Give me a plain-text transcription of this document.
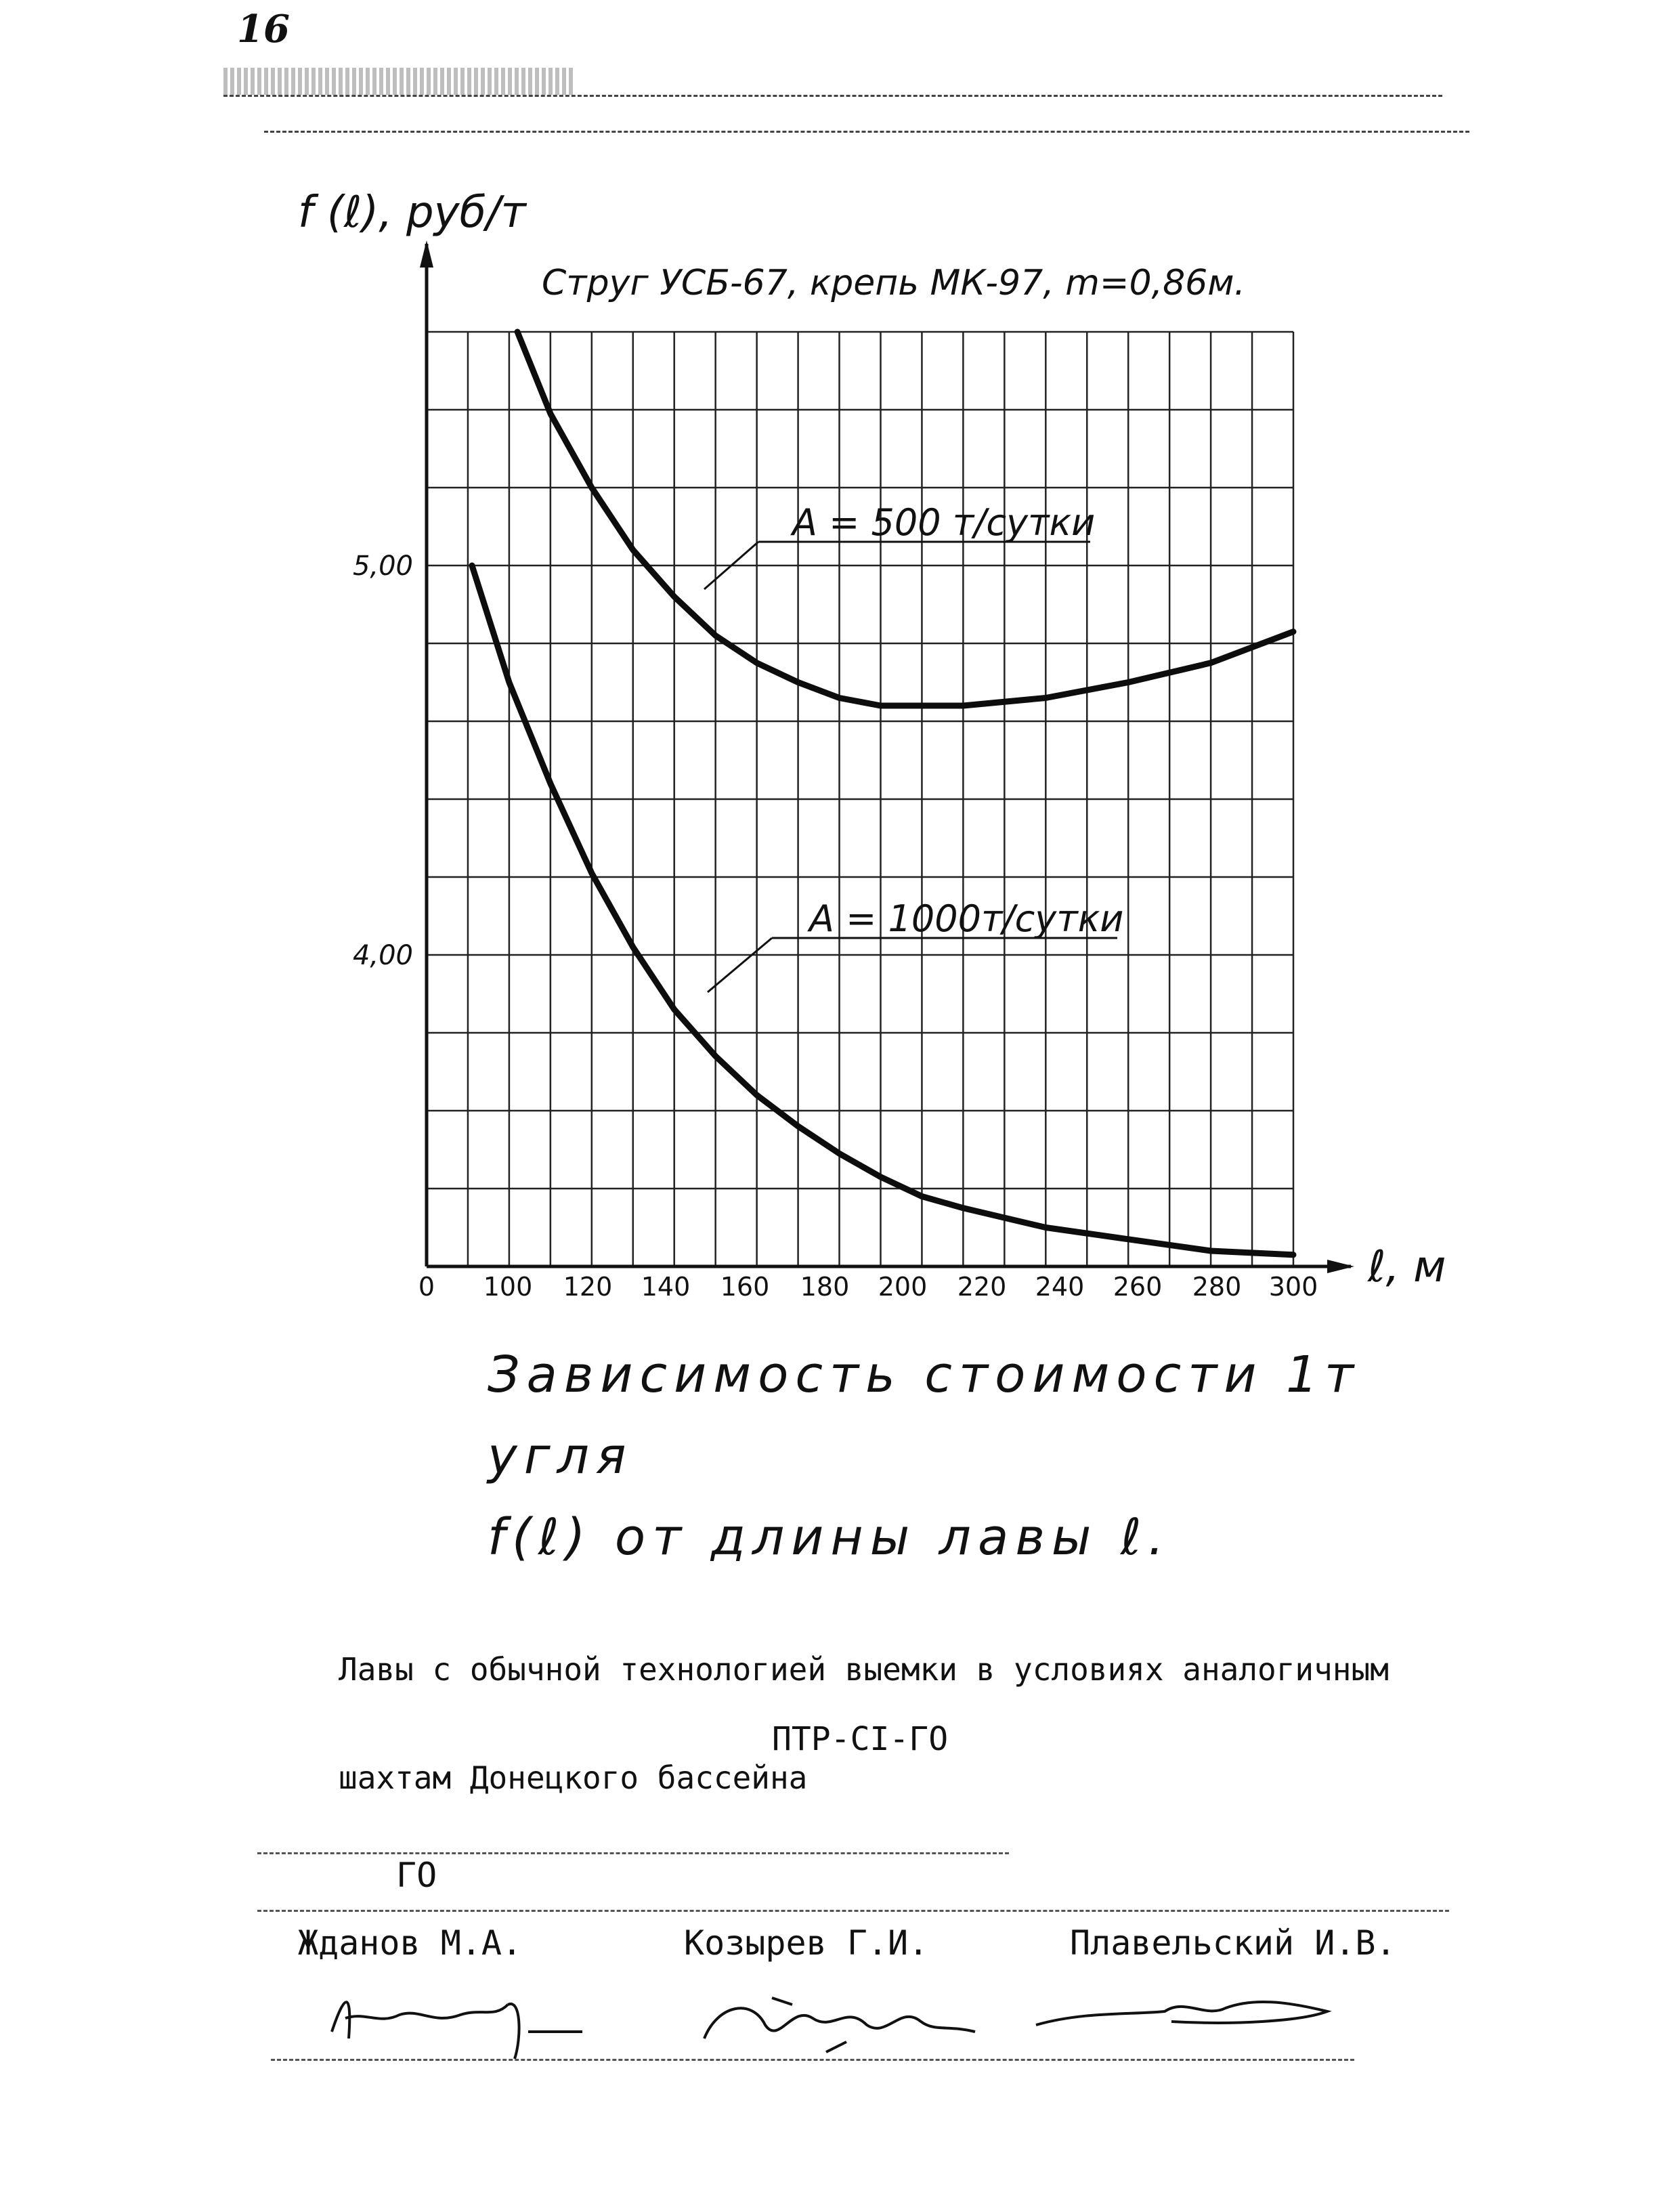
16
0 100 120 140 160 180 200 220 240 260 280 300
5,00
4,00
f (ℓ), руб/т
ℓ, м
Струг УСБ-67, крепь МК-97, m=0,86м.
A = 500 т/сутки
A = 1000т/сутки
Зависимость стоимости 1т угля
f(ℓ) от длины лавы ℓ.

Лавы с обычной технологией выемки в условиях аналогичным

шахтам Донецкого бассейна

ПТР-СI-ГО
ГО
Жданов М.А.	Козырев Г.И.	Плавельский И.В.
